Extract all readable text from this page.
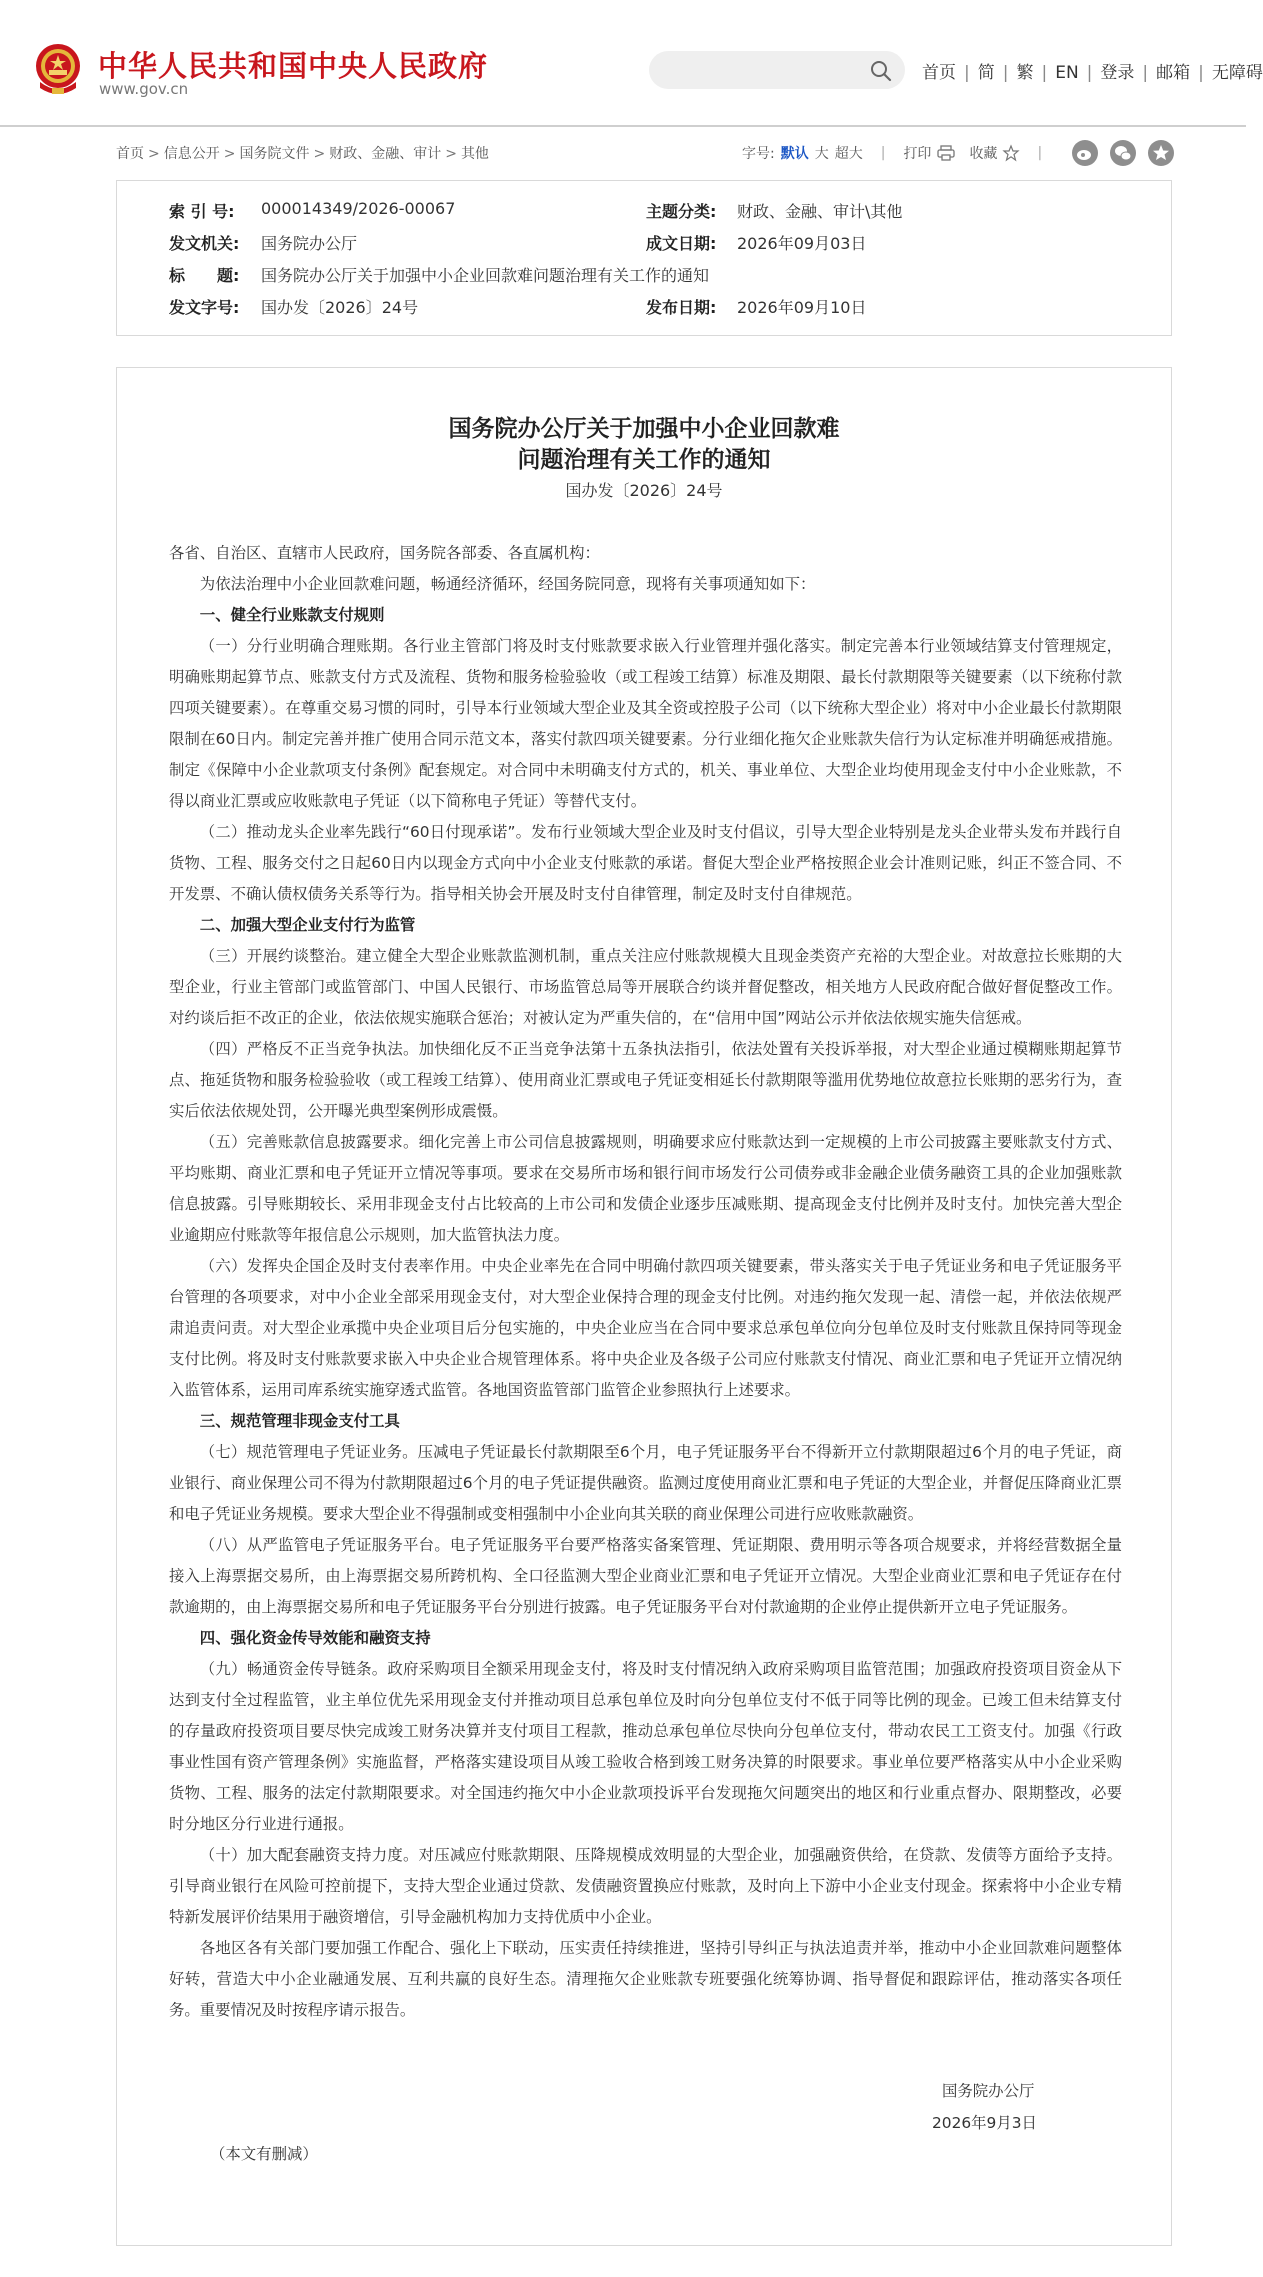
中华人民共和国中央人民政府
www.gov.cn
首页 | 简 | 繁 | EN | 登录 | 邮箱 | 无障碍
首页 > 信息公开 > 国务院文件 > 财政、金融、审计 > 其他	字号: 默认 大 超大 | 打印	收藏	|
索 引 号: 000014349/2026-00067	主题分类: 财政、金融、审计\其他
发文机关: 国务院办公厅	成文日期: 2026年09月03日
标　　题: 国务院办公厅关于加强中小企业回款难问题治理有关工作的通知
发文字号: 国办发〔2026〕24号	发布日期: 2026年09月10日
国务院办公厅关于加强中小企业回款难
问题治理有关工作的通知
国办发〔2026〕24号

各省、自治区、直辖市人民政府，国务院各部委、各直属机构：

为依法治理中小企业回款难问题，畅通经济循环，经国务院同意，现将有关事项通知如下：

一、健全行业账款支付规则

（一）分行业明确合理账期。各行业主管部门将及时支付账款要求嵌入行业管理并强化落实。制定完善本行业领域结算支付管理规定，明确账期起算节点、账款支付方式及流程、货物和服务检验验收（或工程竣工结算）标准及期限、最长付款期限等关键要素（以下统称付款四项关键要素）。在尊重交易习惯的同时，引导本行业领域大型企业及其全资或控股子公司（以下统称大型企业）将对中小企业最长付款期限限制在60日内。制定完善并推广使用合同示范文本，落实付款四项关键要素。分行业细化拖欠企业账款失信行为认定标准并明确惩戒措施。制定《保障中小企业款项支付条例》配套规定。对合同中未明确支付方式的，机关、事业单位、大型企业均使用现金支付中小企业账款，不得以商业汇票或应收账款电子凭证（以下简称电子凭证）等替代支付。

（二）推动龙头企业率先践行“60日付现承诺”。发布行业领域大型企业及时支付倡议，引导大型企业特别是龙头企业带头发布并践行自货物、工程、服务交付之日起60日内以现金方式向中小企业支付账款的承诺。督促大型企业严格按照企业会计准则记账，纠正不签合同、不开发票、不确认债权债务关系等行为。指导相关协会开展及时支付自律管理，制定及时支付自律规范。

二、加强大型企业支付行为监管

（三）开展约谈整治。建立健全大型企业账款监测机制，重点关注应付账款规模大且现金类资产充裕的大型企业。对故意拉长账期的大型企业，行业主管部门或监管部门、中国人民银行、市场监管总局等开展联合约谈并督促整改，相关地方人民政府配合做好督促整改工作。对约谈后拒不改正的企业，依法依规实施联合惩治；对被认定为严重失信的，在“信用中国”网站公示并依法依规实施失信惩戒。

（四）严格反不正当竞争执法。加快细化反不正当竞争法第十五条执法指引，依法处置有关投诉举报，对大型企业通过模糊账期起算节点、拖延货物和服务检验验收（或工程竣工结算）、使用商业汇票或电子凭证变相延长付款期限等滥用优势地位故意拉长账期的恶劣行为，查实后依法依规处罚，公开曝光典型案例形成震慑。

（五）完善账款信息披露要求。细化完善上市公司信息披露规则，明确要求应付账款达到一定规模的上市公司披露主要账款支付方式、平均账期、商业汇票和电子凭证开立情况等事项。要求在交易所市场和银行间市场发行公司债券或非金融企业债务融资工具的企业加强账款信息披露。引导账期较长、采用非现金支付占比较高的上市公司和发债企业逐步压减账期、提高现金支付比例并及时支付。加快完善大型企业逾期应付账款等年报信息公示规则，加大监管执法力度。

（六）发挥央企国企及时支付表率作用。中央企业率先在合同中明确付款四项关键要素，带头落实关于电子凭证业务和电子凭证服务平台管理的各项要求，对中小企业全部采用现金支付，对大型企业保持合理的现金支付比例。对违约拖欠发现一起、清偿一起，并依法依规严肃追责问责。对大型企业承揽中央企业项目后分包实施的，中央企业应当在合同中要求总承包单位向分包单位及时支付账款且保持同等现金支付比例。将及时支付账款要求嵌入中央企业合规管理体系。将中央企业及各级子公司应付账款支付情况、商业汇票和电子凭证开立情况纳入监管体系，运用司库系统实施穿透式监管。各地国资监管部门监管企业参照执行上述要求。

三、规范管理非现金支付工具

（七）规范管理电子凭证业务。压减电子凭证最长付款期限至6个月，电子凭证服务平台不得新开立付款期限超过6个月的电子凭证，商业银行、商业保理公司不得为付款期限超过6个月的电子凭证提供融资。监测过度使用商业汇票和电子凭证的大型企业，并督促压降商业汇票和电子凭证业务规模。要求大型企业不得强制或变相强制中小企业向其关联的商业保理公司进行应收账款融资。

（八）从严监管电子凭证服务平台。电子凭证服务平台要严格落实备案管理、凭证期限、费用明示等各项合规要求，并将经营数据全量接入上海票据交易所，由上海票据交易所跨机构、全口径监测大型企业商业汇票和电子凭证开立情况。大型企业商业汇票和电子凭证存在付款逾期的，由上海票据交易所和电子凭证服务平台分别进行披露。电子凭证服务平台对付款逾期的企业停止提供新开立电子凭证服务。

四、强化资金传导效能和融资支持

（九）畅通资金传导链条。政府采购项目全额采用现金支付，将及时支付情况纳入政府采购项目监管范围；加强政府投资项目资金从下达到支付全过程监管，业主单位优先采用现金支付并推动项目总承包单位及时向分包单位支付不低于同等比例的现金。已竣工但未结算支付的存量政府投资项目要尽快完成竣工财务决算并支付项目工程款，推动总承包单位尽快向分包单位支付，带动农民工工资支付。加强《行政事业性国有资产管理条例》实施监督，严格落实建设项目从竣工验收合格到竣工财务决算的时限要求。事业单位要严格落实从中小企业采购货物、工程、服务的法定付款期限要求。对全国违约拖欠中小企业款项投诉平台发现拖欠问题突出的地区和行业重点督办、限期整改，必要时分地区分行业进行通报。

（十）加大配套融资支持力度。对压减应付账款期限、压降规模成效明显的大型企业，加强融资供给，在贷款、发债等方面给予支持。引导商业银行在风险可控前提下，支持大型企业通过贷款、发债融资置换应付账款，及时向上下游中小企业支付现金。探索将中小企业专精特新发展评价结果用于融资增信，引导金融机构加力支持优质中小企业。

各地区各有关部门要加强工作配合、强化上下联动，压实责任持续推进，坚持引导纠正与执法追责并举，推动中小企业回款难问题整体好转，营造大中小企业融通发展、互利共赢的良好生态。清理拖欠企业账款专班要强化统筹协调、指导督促和跟踪评估，推动落实各项任务。重要情况及时按程序请示报告。

国务院办公厅
2026年9月3日
（本文有删减）
